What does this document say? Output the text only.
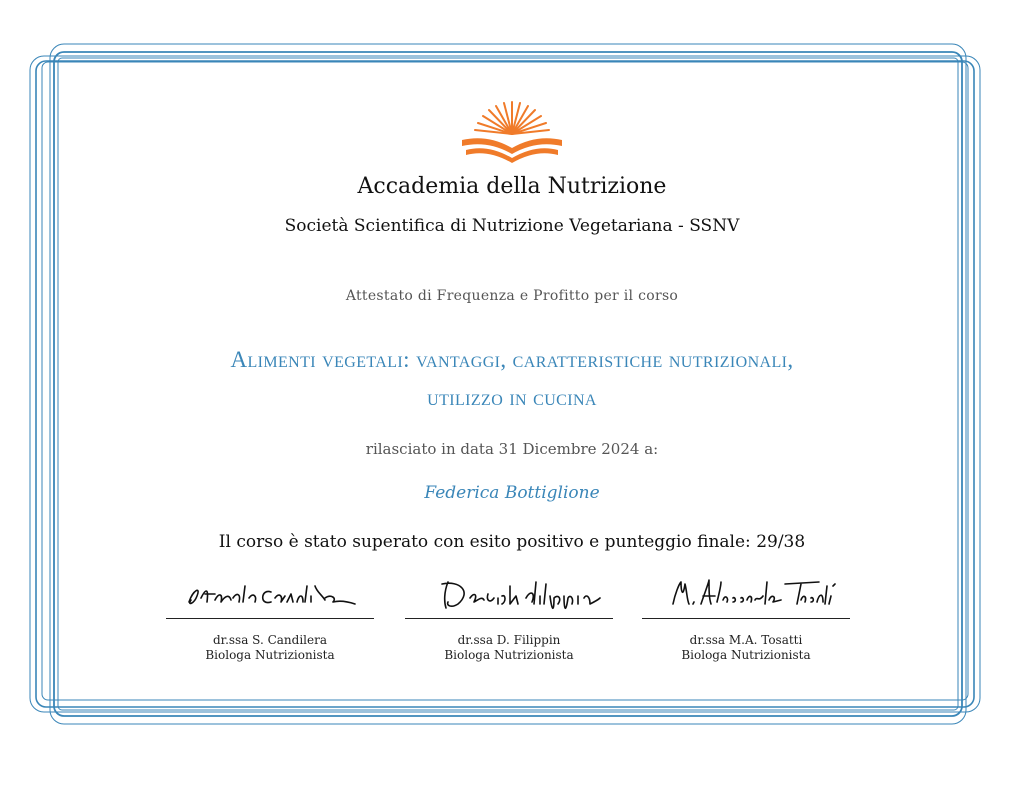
Accademia della Nutrizione
Società Scientifica di Nutrizione Vegetariana - SSNV
Attestato di Frequenza e Profitto per il corso
Alimenti vegetali: vantaggi, caratteristiche nutrizionali,
utilizzo in cucina
rilasciato in data 31 Dicembre 2024 a:
Federica Bottiglione
Il corso è stato superato con esito positivo e punteggio finale: 29/38
dr.ssa S. Candilera
Biologa Nutrizionista
dr.ssa D. Filippin
Biologa Nutrizionista
dr.ssa M.A. Tosatti
Biologa Nutrizionista
